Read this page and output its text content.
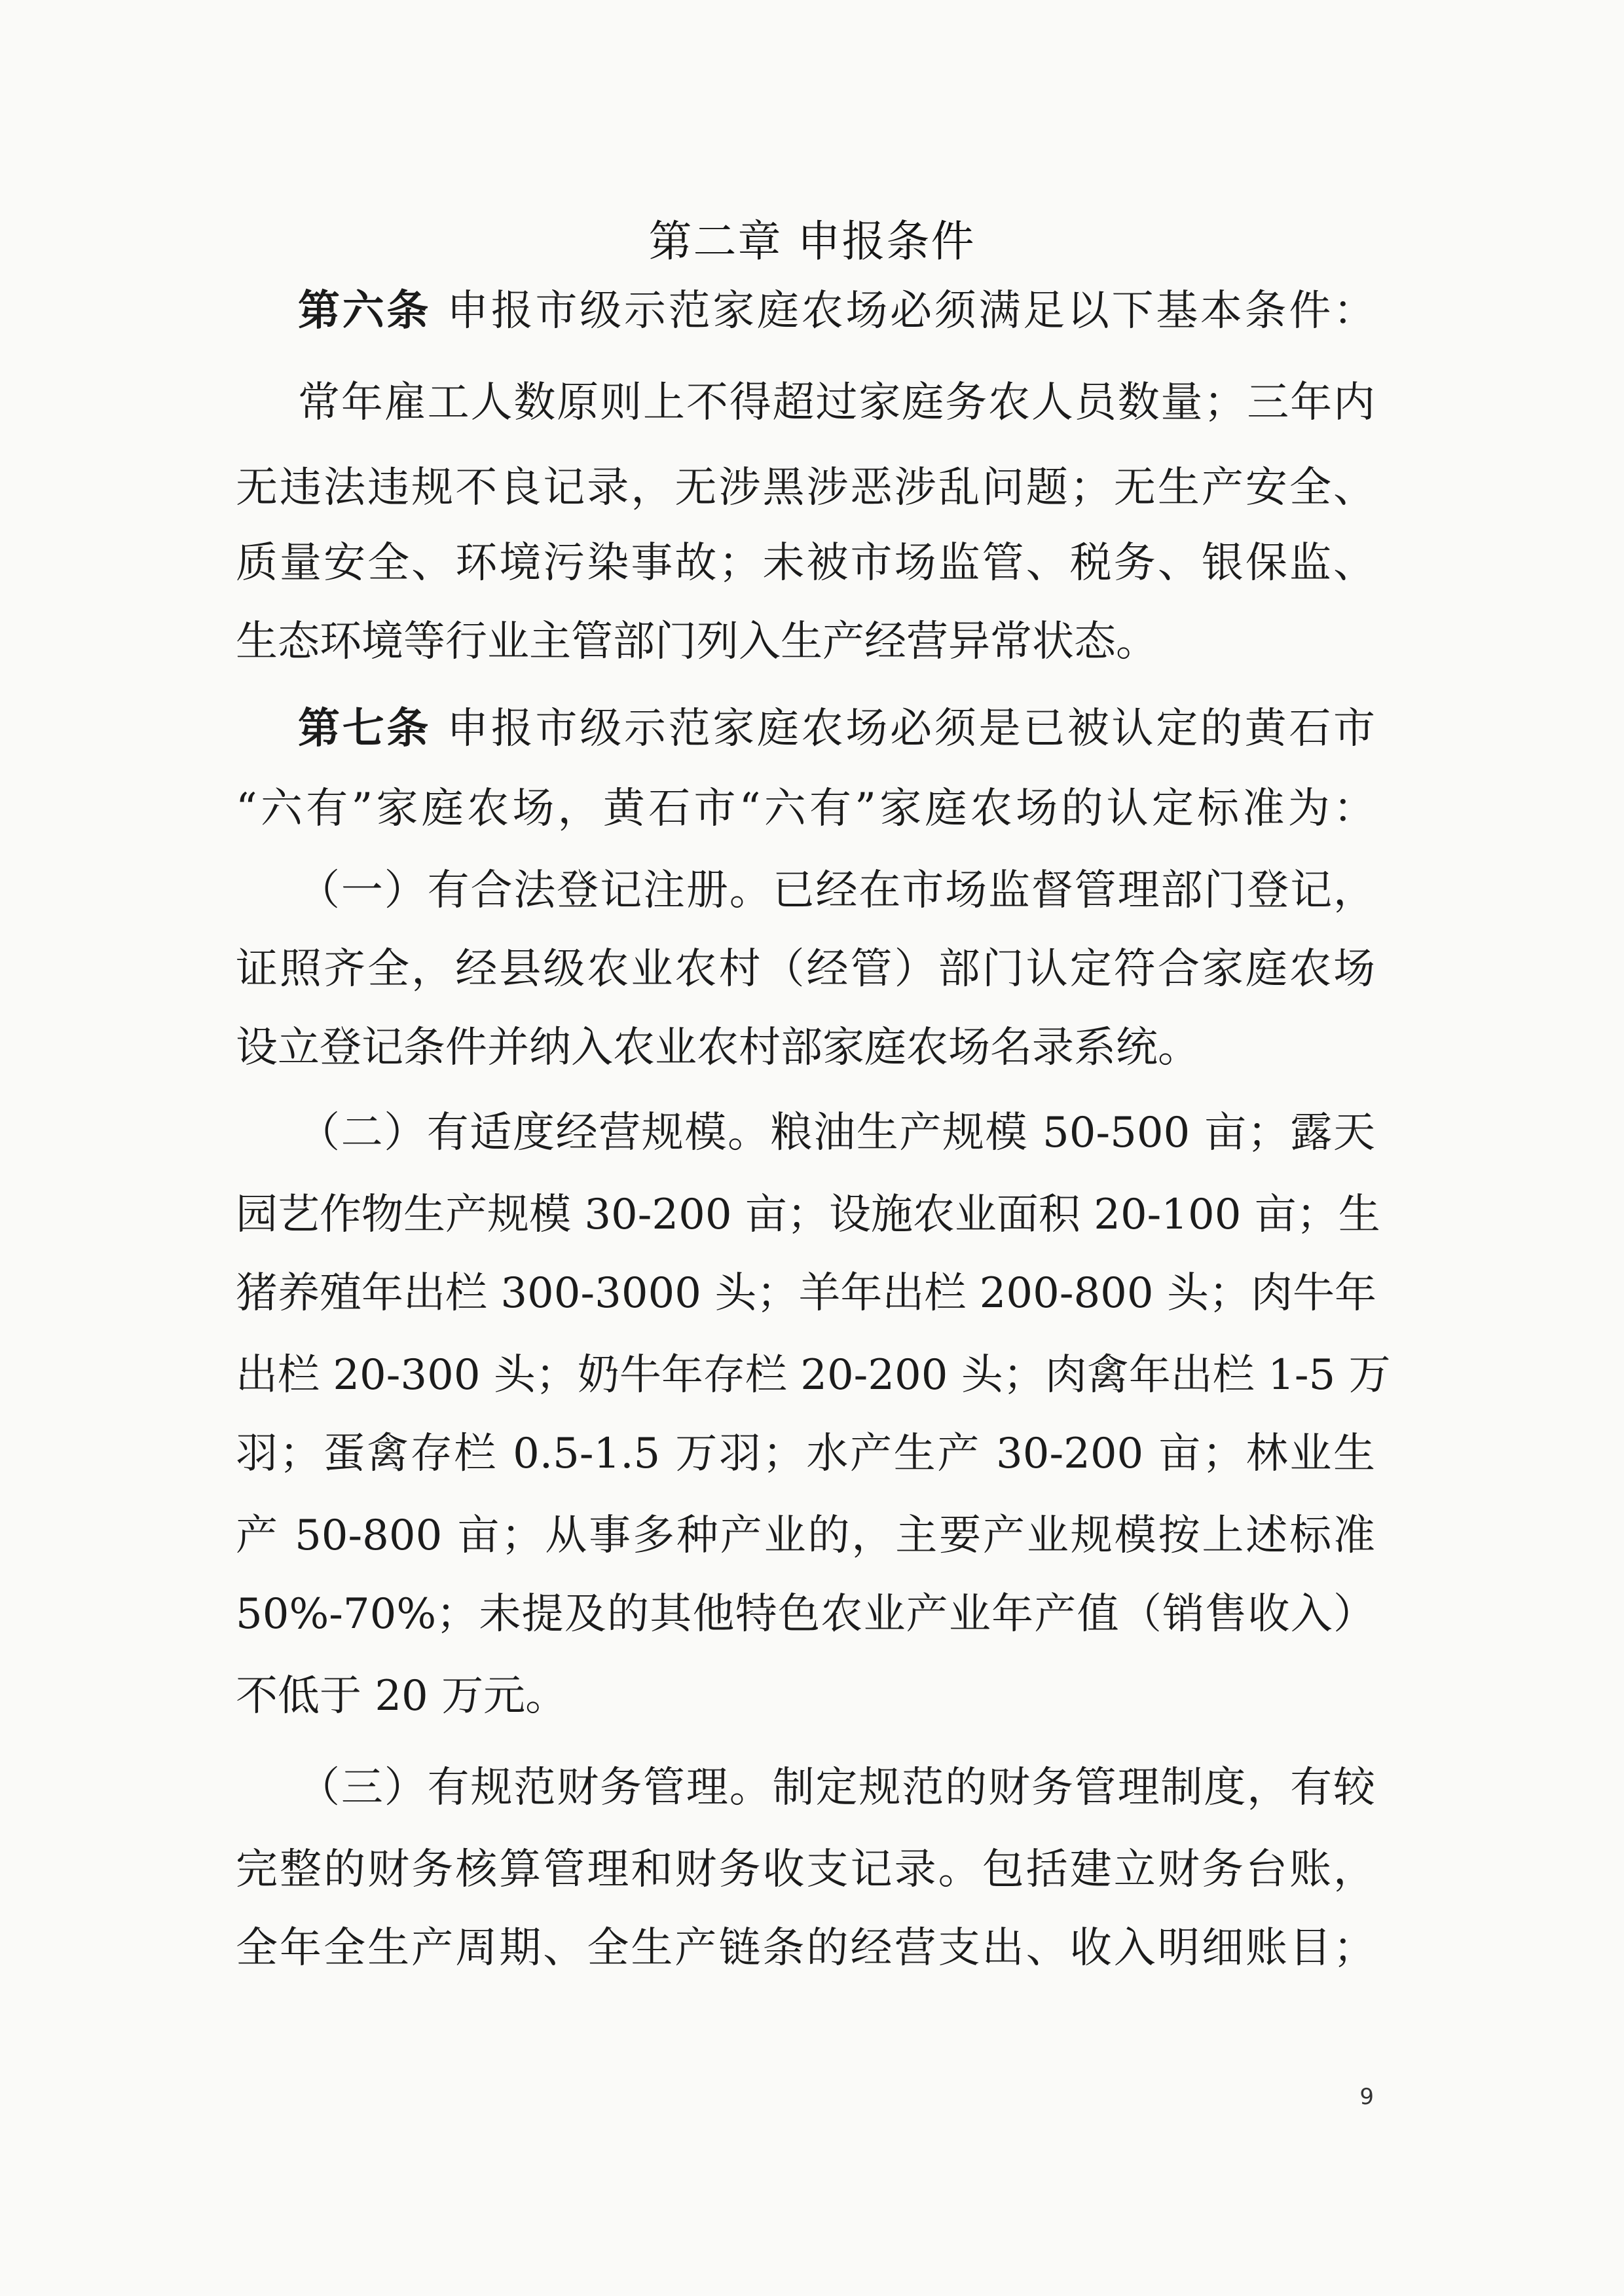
第二章 申报条件
第六条 申报市级示范家庭农场必须满足以下基本条件：
常年雇工人数原则上不得超过家庭务农人员数量；三年内
无违法违规不良记录，无涉黑涉恶涉乱问题；无生产安全、
质量安全、环境污染事故；未被市场监管、税务、银保监、
生态环境等行业主管部门列入生产经营异常状态。
第七条 申报市级示范家庭农场必须是已被认定的黄石市
“六有”家庭农场，黄石市“六有”家庭农场的认定标准为：
（一）有合法登记注册。已经在市场监督管理部门登记，
证照齐全，经县级农业农村（经管）部门认定符合家庭农场
设立登记条件并纳入农业农村部家庭农场名录系统。
（二）有适度经营规模。粮油生产规模 50-500 亩；露天
园艺作物生产规模 30-200 亩；设施农业面积 20-100 亩；生
猪养殖年出栏 300-3000 头；羊年出栏 200-800 头；肉牛年
出栏 20-300 头；奶牛年存栏 20-200 头；肉禽年出栏 1-5 万
羽；蛋禽存栏 0.5-1.5 万羽；水产生产 30-200 亩；林业生
产 50-800 亩；从事多种产业的，主要产业规模按上述标准
50%-70%；未提及的其他特色农业产业年产值（销售收入）
不低于 20 万元。
（三）有规范财务管理。制定规范的财务管理制度，有较
完整的财务核算管理和财务收支记录。包括建立财务台账，
全年全生产周期、全生产链条的经营支出、收入明细账目；
9
